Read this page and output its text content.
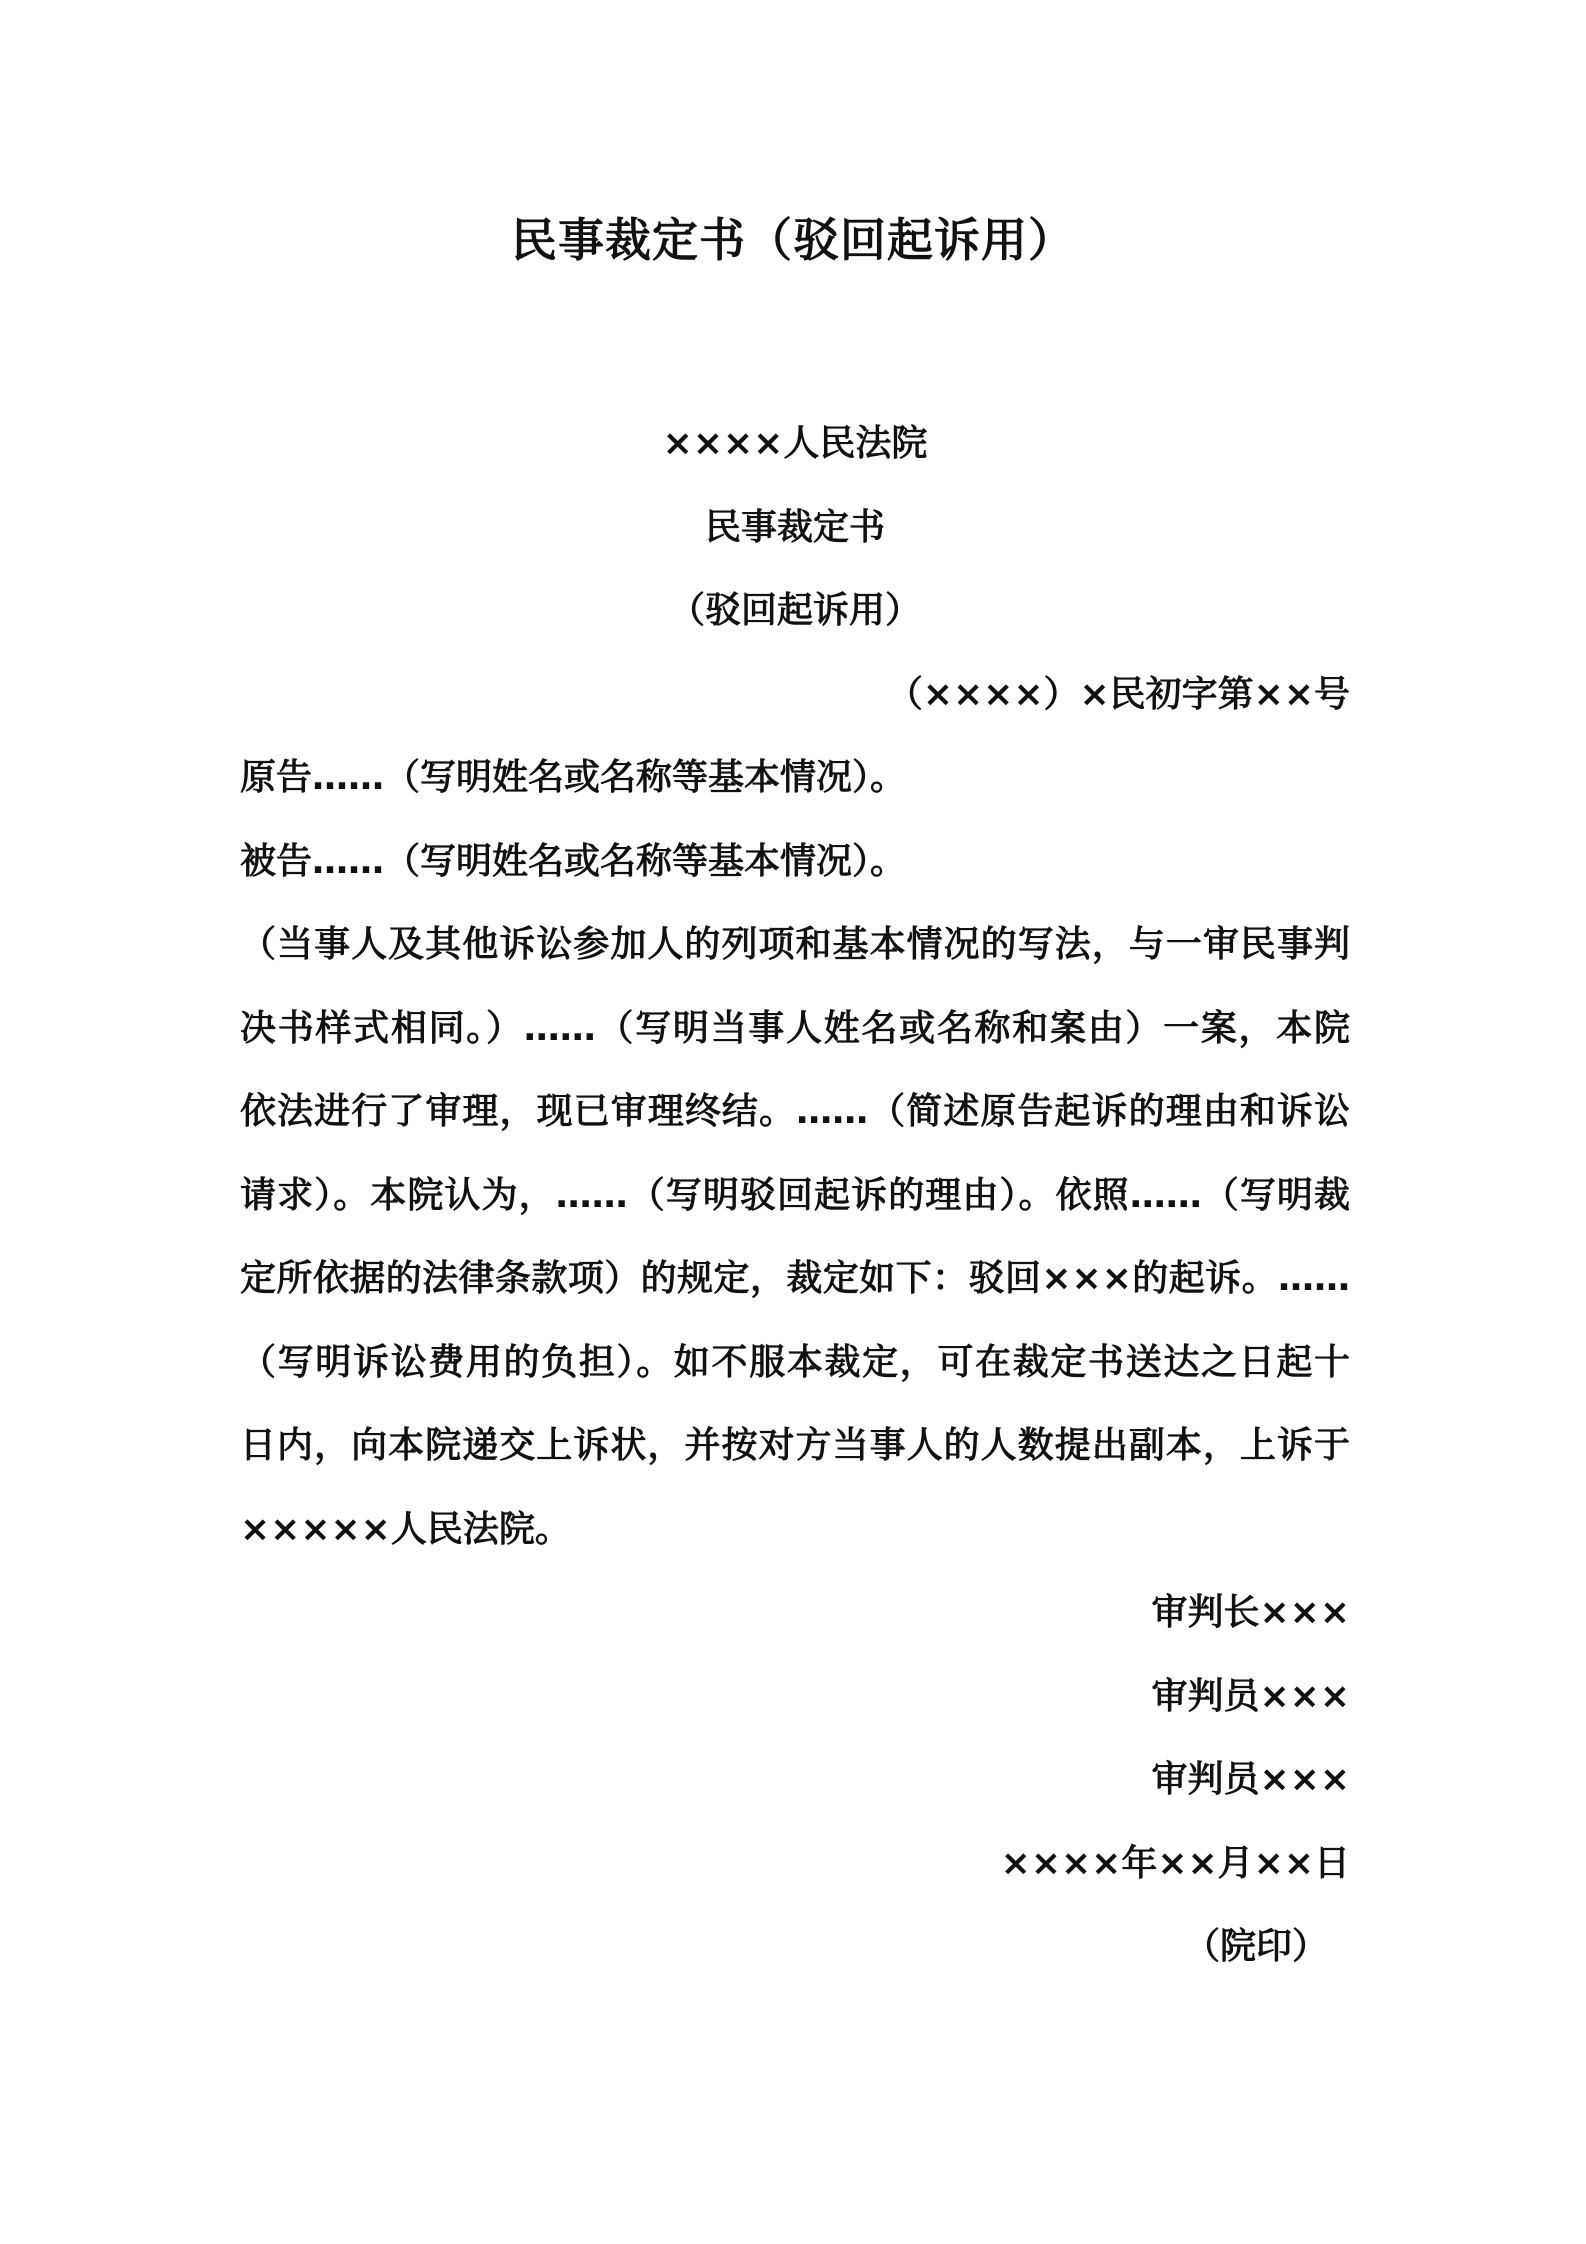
民事裁定书（驳回起诉用）

××××人民法院

民事裁定书

（驳回起诉用）

（××××）×民初字第××号

原告……（写明姓名或名称等基本情况）。

被告……（写明姓名或名称等基本情况）。

（当事人及其他诉讼参加人的列项和基本情况的写法，与一审民事判

决书样式相同。）……（写明当事人姓名或名称和案由）一案，本院

依法进行了审理，现已审理终结。……（简述原告起诉的理由和诉讼

请求）。本院认为，……（写明驳回起诉的理由）。依照……（写明裁

定所依据的法律条款项）的规定，裁定如下：驳回×××的起诉。……

（写明诉讼费用的负担）。如不服本裁定，可在裁定书送达之日起十

日内，向本院递交上诉状，并按对方当事人的人数提出副本，上诉于

×××××人民法院。

审判长×××

审判员×××

审判员×××

××××年××月××日

（院印）
